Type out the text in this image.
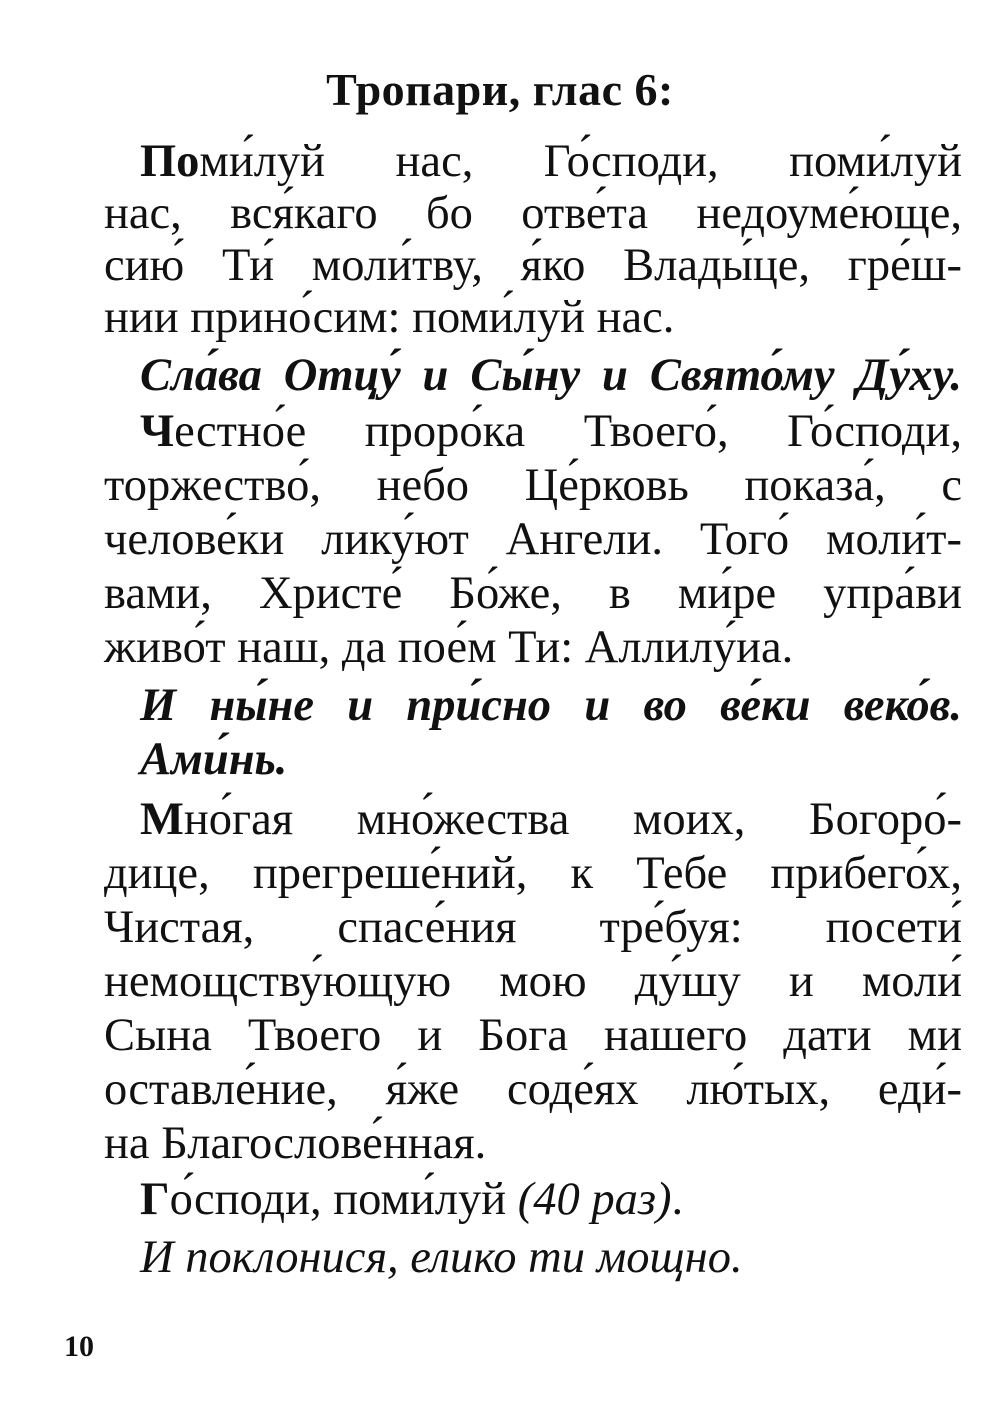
Тропари, глас 6:
Поми́луй нас, Го́споди, поми́луй
нас, вся́каго бо отве́та недоуме́юще,
сию́ Ти́ моли́тву, я́ко Влады́це, гре́ш-
нии прино́сим: поми́луй нас.
Сла́ва Отцу́ и Сы́ну и Свято́му Ду́ху.
Честно́е проро́ка Твоего́, Го́споди,
торжество́, небо Це́рковь показа́, с
челове́ки лику́ют Ангели. Того́ моли́т-
вами, Христе́ Бо́же, в ми́ре упра́ви
живо́т наш, да пое́м Ти: Аллилу́иа.
И ны́не и при́сно и во ве́ки веко́в.
Ами́нь.
Мно́гая мно́жества моих, Богоро́-
дице, прегреше́ний, к Тебе прибего́х,
Чистая, спасе́ния тре́буя: посети́
немощству́ющую мою ду́шу и моли́
Сына Твоего и Бога нашего дати ми
оставле́ние, я́же соде́ях лю́тых, еди́-
на Благослове́нная.
Го́споди, поми́луй (40 раз).
И поклонися, елико ти мощно.
10
